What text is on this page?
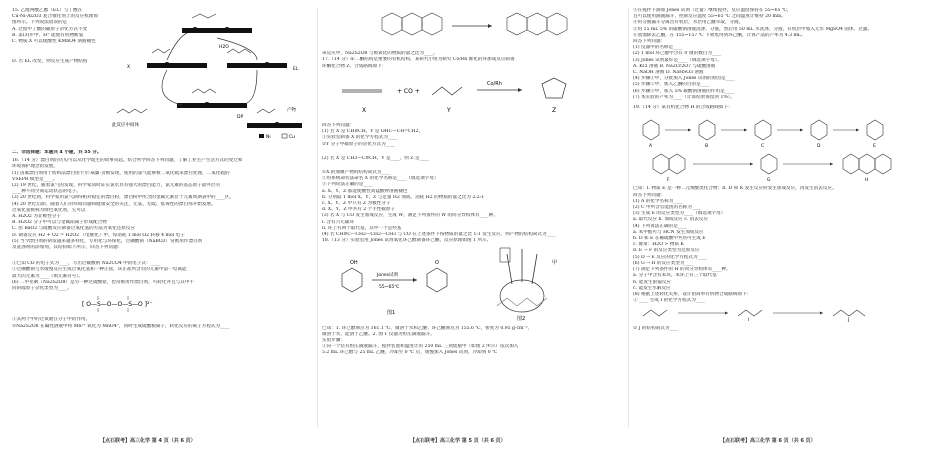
15. 乙醛两酸乙酯（EL）与丁酸在
Cu-Ni-Al2O3 复合催化剂上的反应机理如
图所示。下列说法错误的是
A. 过程中丁酸的碳原子杂化方式不变
B. 第(3)步中，H⁺ 能使有机物断裂
C. 物质 X 可以使酸性 KMnO4 溶液褪色
D. 若 EL 改变，则反应生成产物结构
H2O
EL
X
产物
此反应中间体
DP
Ni	Cu
二、非选择题：本题共 4 小题，共 55 分。
16.（14 分）漂白剂的历史可以从化学诞生的故事说起。结合所学回答下列问题，了解工业生产生活方式的变迁和
环境保护理念的发展。
(1) 卤素漂白剂用于纺织品漂白由卡尔·威廉·舍勒发现，使用的氯气能够被二氧化硫来漂白处理，二氧化硫的
VSEPR 模型是____。
(2) 19 世纪，随着氯气的发现，科学家同时证实氯水具有强大的漂白能力，氯元素的基态原子最外层有
____种不同空间运动状态的电子。
(3) 20 世纪初，科学家用氯气制得相对稳定的漂白粉，漂白粉中所含的金属元素位于元素周期表中的____区。
(4) 20 世纪后期，随着人们对环境问题和健康安全的关注，无氯、无硫、低毒性的漂白剂开始发展。
过氧化氢被称为绿色氧化剂，它可以
A. H2O2 为非极性分子
B. H2O2 分子中可以与金属阳离子形成配合物
C. 由 BaO2 与硫酸反应制备过氧化氢的方法为氧化还原反应
D. 制备反应 H2 + O2 = H2O2 （电催化）中，每消耗 1 mol O2 转移 4 mol 电子
(5) 当今漂白剂的研发越来越多样化，专用化与环保化，过硼酸钠（NaBO3）常被用作漂白剂
及洗涤剂的添加剂，其结构如下所示，回答下列问题：
①已知 CO 的电子式为____，写出过碳酸钠 Na2CO4 中的电子式：____
②过硼酸钠与水缓慢反应生成过氧化氢和一种正盐，该正盐所含有的元素中第一电离能
最大的元素为____（填元素符号）。
(6) 二甲亚砜（Na2S2O8）是另一种过硫酸盐，也常被用作漂白剂，可转化并且与其中不
同的硫原子杂化类型为____。
[ O—S—O—O—S—O ]²⁻
①其两个中的过氧键在分子中的作用。
②Na2S2O8 在碱性溶液中将 Mn²⁺ 氧化为 MnO4⁻，同时生成硫酸根离子，转化反应的离子方程式为____
该反应中，Na2S2O8 与被氧化的物质的量之比为____。
17.（14 分）α-二酮结构是重要的有机结构，某研究小组为研究 Co/Rh 催化的环加成反应制备
环酮化合物 Z，合成路线如下：
+ CO +
X	Y	Z
Co/Rh
回答下列问题：
(1) 若 X 是 CH≡CH，Y 是 OHC—CH=CH2，
①实验室制备 X 的化学方程式为____
②Y 分子中碳原子的杂化方式为____
(2) 若 X 是 CH3—C≡CH，Y 是____，则 Z 是____
①X 的加聚产物的结构简式为____
②用系统命名法命名 X 的化学名称是____（填选项字母）
③下列说法正确的是____
a. X、Y、Z 都能使酸性高锰酸钾溶液褪色
b. 分别取 1 mol X、Y、Z 与足量 H2 加成，消耗 H2 的物质的量之比为 2:2:1
c. X、Y、Z 中只有 Z 为极性分子
d. X、Y、Z 中共有 2 个手性碳原子
(3) 若 X 与 CO 发生加成反应，生成 W，满足下列条件的 W 的同分异构体有____种。
i. 含有六元碳环
ii. 环上有两个取代基，其中一个是羟基
(4) 若 CH≡C—CH2—CH2—CH3 与 CO 在上述条件下按物质的量之比 1:1 发生反应，则产物的结构简式为____
18.（13 分）实验室用 Jones 试剂氧化环己醇制备环己酮，反应原理如图 1 所示。
OH
Jones试剂
55~65℃
O
图1
甲
图2
已知：1. 环己醇沸点为 161.1 ℃，微溶于水和乙醚；环己酮沸点为 155.6 ℃，密度为 0.95 g·cm⁻³，
微溶于水，能溶于乙醚。2. 图 1 仪器为恒压滴液漏斗。
实验步骤：
①向一个装有恒压滴液漏斗、搅拌装置和温度计的 250 mL 三颈烧瓶中（如图 2 所示）依次加入
5.2 mL 环己醇与 25 mL 乙醚，冷却至 0 ℃ 后，缓慢加入 Jones 试剂，冷却到 0 ℃
③在搅拌下滴加 Jones 试剂（过量）继续搅拌，反应温度保持在 55~65 ℃，
且可以使用滴液漏斗，控制反应温度 55~65 ℃ 之间温度计维持 20 min。
④用分液漏斗分离出有机层，水层用乙醚萃取，分液。
⑤用 15 mL 5% 的碳酸钠溶液洗涤，分液，然后用 50 mL 水洗涤，分液，有机层中加入无水 MgSO4 固体，过滤。
⑥蒸馏除去乙醚，在 155~157 ℃ 下收集得到环己酮，计算产品的产率为 4.3 mL。
回答下列问题：
(1) 仪器甲的名称是____
(2) 1 mol 环己醇中含有 σ 键的数目为____
(3) Jones 试剂最好是____（填选项字母）。
A. KCl 溶液 B. Na2Cr2O7 与硫酸溶液
C. NaOH 溶液 D. NaHSO3 溶液
(4) 步骤①中，分批加入 Jones 试剂的原因是____
(5) 步骤②中，加入乙醚的目的是____
(6) 步骤③中，加入 5% 碳酸钠溶液的作用是____
(7) 本实验的产率为____（计算结果保留到 1%）。
19.（14 分）某有机化合物 H 的合成路线如下：
A	B	C	D	E
F	G	H
已知：I. 物质 E 是一种二元羧酸类化合物；II. D 和 K 发生反应时发生加成反应，再发生消去反应。
回答下列问题：
(1) A 的化学名称为____
(2) C 中所含官能团的名称为____
(3) 生成 E 的反应类型为____（填选项字母）
a. 取代反应 b. 加成反应 c. 消去反应
(4) 下列说法正确的是____
a. 苯甲醛可与 HCN 发生加成反应
b. D 和 E 在稀硫酸中共热可生成 E
c. 键角：H2O > 物质 K
d. E → F 的反应类型为还原反应
(5) D → E 反应的化学方程式为____
(6) G → H 的反应类型为____
(7) 满足下列条件的 H 的同分异构体有____种。
a. 分子中含有苯环，苯环上有三个取代基
b. 能发生银镜反应
c. 能发生水解反应
(8) 根据上述转化关系，设计由简单有机物合成路线如下：
① ____ 生成 I 的化学方程式为____
I	J
② J 的结构简式为____
【点石联考】高三化学 第 4 页（共 6 页）	【点石联考】高三化学 第 5 页（共 6 页）	【点石联考】高三化学 第 6 页（共 6 页）
